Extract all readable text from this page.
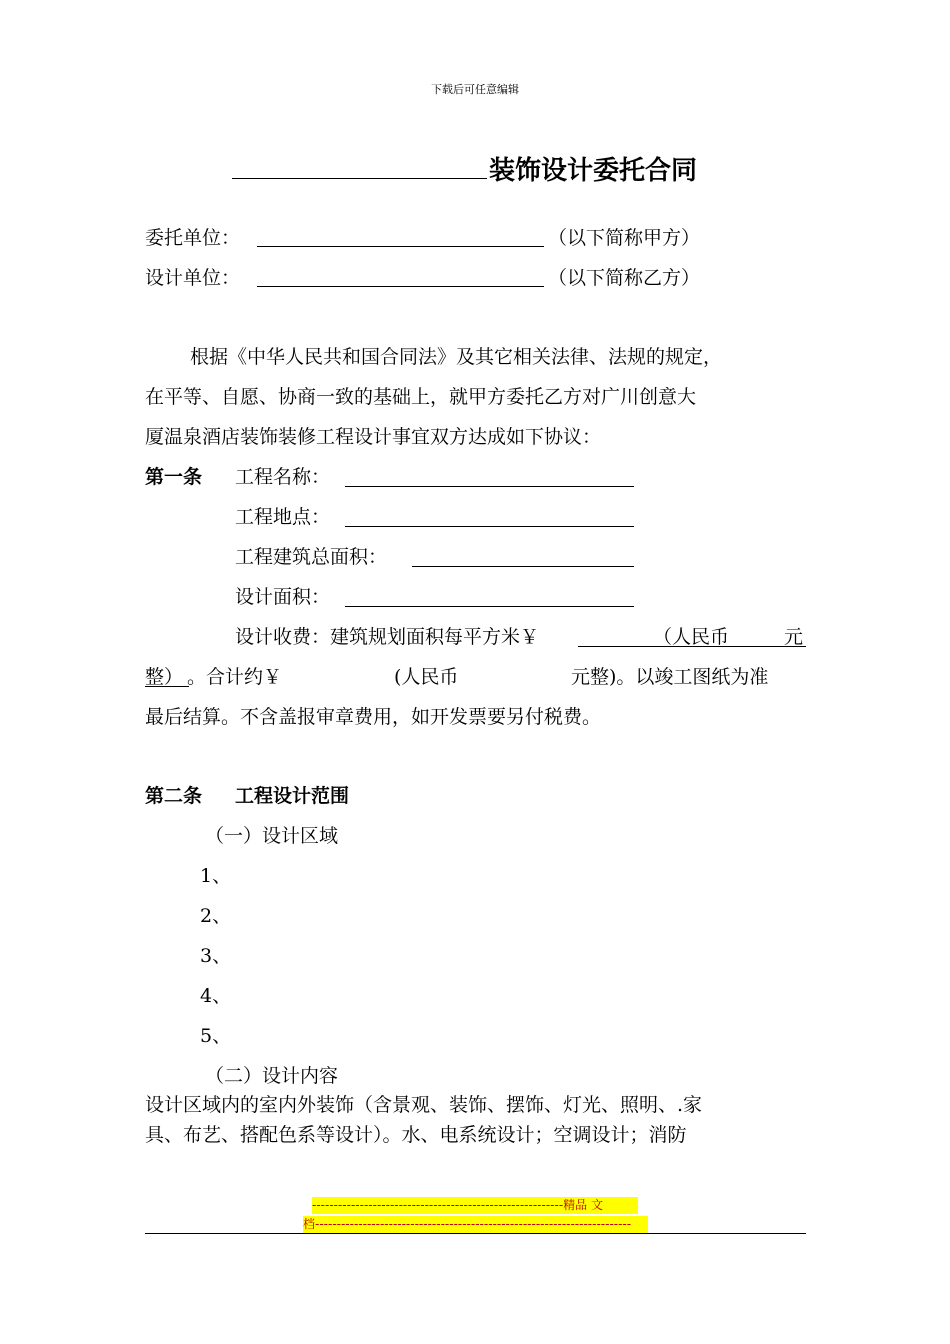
下载后可任意编辑
装饰设计委托合同
委托单位：	（以下简称甲方）
设计单位：	（以下简称乙方）
根据《中华人民共和国合同法》及其它相关法律、法规的规定，
在平等、自愿、协商一致的基础上，就甲方委托乙方对广川创意大
厦温泉酒店装饰装修工程设计事宜双方达成如下协议：
第一条 工程名称：
工程地点：
工程建筑总面积：
设计面积：
设计收费：建筑规划面积每平方米￥	（人民币	元
整） 。合计约￥	(人民币	元整)。以竣工图纸为准
最后结算。不含盖报审章费用，如开发票要另付税费。
第二条 工程设计范围
（一）设计区域
1、
2、
3、
4、
5、
（二）设计内容
设计区域内的室内外装饰（含景观、装饰、摆饰、灯光、照明、.家
具、布艺、搭配色系等设计）。水、电系统设计；空调设计；消防
----------------------------------------------------------精品 文
档-------------------------------------------------------------------------
